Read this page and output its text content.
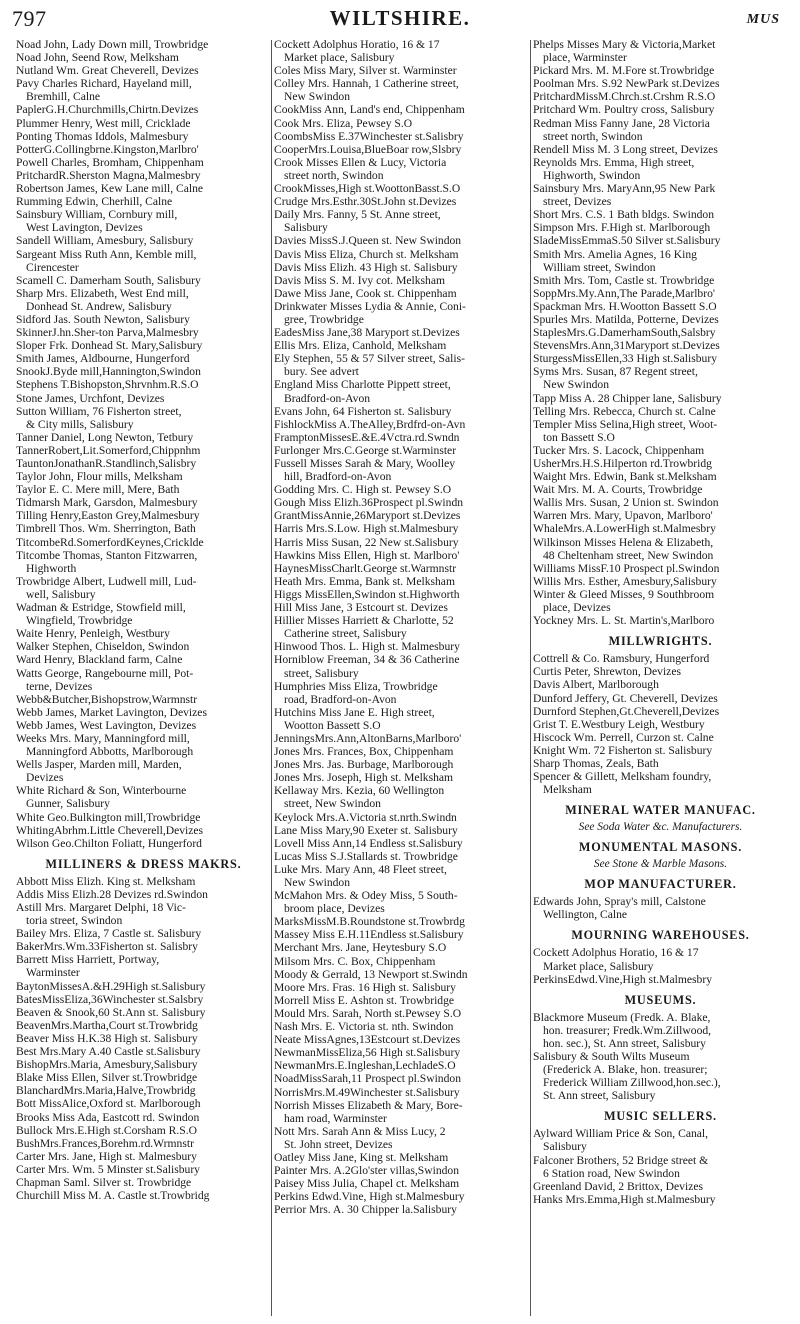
797	WILTSHIRE.	MUS
Noad John, Lady Down mill, Trowbridge
Noad John, Seend Row, Melksham
Nutland Wm. Great Cheverell, Devizes
Pavy Charles Richard, Hayeland mill,
Bremhill, Calne
PaplerG.H.Churchmills,Chirtn.Devizes
Plummer Henry, West mill, Cricklade
Ponting Thomas Iddols, Malmesbury
PotterG.Collingbrne.Kingston,Marlbro'
Powell Charles, Bromham, Chippenham
PritchardR.Sherston Magna,Malmesbry
Robertson James, Kew Lane mill, Calne
Rumming Edwin, Cherhill, Calne
Sainsbury William, Cornbury mill,
West Lavington, Devizes
Sandell William, Amesbury, Salisbury
Sargeant Miss Ruth Ann, Kemble mill,
Cirencester
Scamell C. Damerham South, Salisbury
Sharp Mrs. Elizabeth, West End mill,
Donhead St. Andrew, Salisbury
Sidford Jas. South Newton, Salisbury
SkinnerJ.hn.Sher-ton Parva,Malmesbry
Sloper Frk. Donhead St. Mary,Salisbury
Smith James, Aldbourne, Hungerford
SnookJ.Byde mill,Hannington,Swindon
Stephens T.Bishopston,Shrvnhm.R.S.O
Stone James, Urchfont, Devizes
Sutton William, 76 Fisherton street,
& City mills, Salisbury
Tanner Daniel, Long Newton, Tetbury
TannerRobert,Lit.Somerford,Chippnhm
TauntonJonathanR.Standlinch,Salisbry
Taylor John, Flour mills, Melksham
Taylor E. C. Mere mill, Mere, Bath
Tidmarsh Mark, Garsdon, Malmesbury
Tilling Henry,Easton Grey,Malmesbury
Timbrell Thos. Wm. Sherrington, Bath
TitcombeRd.SomerfordKeynes,Cricklde
Titcombe Thomas, Stanton Fitzwarren,
Highworth
Trowbridge Albert, Ludwell mill, Lud-
well, Salisbury
Wadman & Estridge, Stowfield mill,
Wingfield, Trowbridge
Waite Henry, Penleigh, Westbury
Walker Stephen, Chiseldon, Swindon
Ward Henry, Blackland farm, Calne
Watts George, Rangebourne mill, Pot-
terne, Devizes
Webb&Butcher,Bishopstrow,Warmnstr
Webb James, Market Lavington, Devizes
Webb James, West Lavington, Devizes
Weeks Mrs. Mary, Manningford mill,
Manningford Abbotts, Marlborough
Wells Jasper, Marden mill, Marden,
Devizes
White Richard & Son, Winterbourne
Gunner, Salisbury
White Geo.Bulkington mill,Trowbridge
WhitingAbrhm.Little Cheverell,Devizes
Wilson Geo.Chilton Foliatt, Hungerford
MILLINERS & DRESS MAKRS.
Abbott Miss Elizh. King st. Melksham
Addis Miss Elizh.28 Devizes rd.Swindon
Astill Mrs. Margaret Delphi, 18 Vic-
toria street, Swindon
Bailey Mrs. Eliza, 7 Castle st. Salisbury
BakerMrs.Wm.33Fisherton st. Salisbry
Barrett Miss Harriett, Portway,
Warminster
BaytonMissesA.&H.29High st.Salisbury
BatesMissEliza,36Winchester st.Salsbry
Beaven & Snook,60 St.Ann st. Salisbury
BeavenMrs.Martha,Court st.Trowbridg
Beaver Miss H.K.38 High st. Salisbury
Best Mrs.Mary A.40 Castle st.Salisbury
BishopMrs.Maria, Amesbury,Salisbury
Blake Miss Ellen, Silver st.Trowbridge
BlanchardMrs.Maria,Halve,Trowbridg
Bott MissAlice,Oxford st. Marlborough
Brooks Miss Ada, Eastcott rd. Swindon
Bullock Mrs.E.High st.Corsham R.S.O
BushMrs.Frances,Borehm.rd.Wrmnstr
Carter Mrs. Jane, High st. Malmesbury
Carter Mrs. Wm. 5 Minster st.Salisbury
Chapman Saml. Silver st. Trowbridge
Churchill Miss M. A. Castle st.Trowbridg
Cockett Adolphus Horatio, 16 & 17
Market place, Salisbury
Coles Miss Mary, Silver st. Warminster
Colley Mrs. Hannah, 1 Catherine street,
New Swindon
CookMiss Ann, Land's end, Chippenham
Cook Mrs. Eliza, Pewsey S.O
CoombsMiss E.37Winchester st.Salisbry
CooperMrs.Louisa,BlueBoar row,Slsbry
Crook Misses Ellen & Lucy, Victoria
street north, Swindon
CrookMisses,High st.WoottonBasst.S.O
Crudge Mrs.Esthr.30St.John st.Devizes
Daily Mrs. Fanny, 5 St. Anne street,
Salisbury
Davies MissS.J.Queen st. New Swindon
Davis Miss Eliza, Church st. Melksham
Davis Miss Elizh. 43 High st. Salisbury
Davis Miss S. M. Ivy cot. Melksham
Dawe Miss Jane, Cook st. Chippenham
Drinkwater Misses Lydia & Annie, Coni-
gree, Trowbridge
EadesMiss Jane,38 Maryport st.Devizes
Ellis Mrs. Eliza, Canhold, Melksham
Ely Stephen, 55 & 57 Silver street, Salis-
bury. See advert
England Miss Charlotte Pippett street,
Bradford-on-Avon
Evans John, 64 Fisherton st. Salisbury
FishlockMiss A.TheAlley,Brdfrd-on-Avn
FramptonMissesE.&E.4Vctra.rd.Swndn
Furlonger Mrs.C.George st.Warminster
Fussell Misses Sarah & Mary, Woolley
hill, Bradford-on-Avon
Godding Mrs. C. High st. Pewsey S.O
Gough Miss Elizh.36Prospect pl.Swindn
GrantMissAnnie,26Maryport st.Devizes
Harris Mrs.S.Low. High st.Malmesbury
Harris Miss Susan, 22 New st.Salisbury
Hawkins Miss Ellen, High st. Marlboro'
HaynesMissCharlt.George st.Warmnstr
Heath Mrs. Emma, Bank st. Melksham
Higgs MissEllen,Swindon st.Highworth
Hill Miss Jane, 3 Estcourt st. Devizes
Hillier Misses Harriett & Charlotte, 52
Catherine street, Salisbury
Hinwood Thos. L. High st. Malmesbury
Horniblow Freeman, 34 & 36 Catherine
street, Salisbury
Humphries Miss Eliza, Trowbridge
road, Bradford-on-Avon
Hutchins Miss Jane E. High street,
Wootton Bassett S.O
JenningsMrs.Ann,AltonBarns,Marlboro'
Jones Mrs. Frances, Box, Chippenham
Jones Mrs. Jas. Burbage, Marlborough
Jones Mrs. Joseph, High st. Melksham
Kellaway Mrs. Kezia, 60 Wellington
street, New Swindon
Keylock Mrs.A.Victoria st.nrth.Swindn
Lane Miss Mary,90 Exeter st. Salisbury
Lovell Miss Ann,14 Endless st.Salisbury
Lucas Miss S.J.Stallards st. Trowbridge
Luke Mrs. Mary Ann, 48 Fleet street,
New Swindon
McMahon Mrs. & Odey Miss, 5 South-
broom place, Devizes
MarksMissM.B.Roundstone st.Trowbrdg
Massey Miss E.H.11Endless st.Salisbury
Merchant Mrs. Jane, Heytesbury S.O
Milsom Mrs. C. Box, Chippenham
Moody & Gerrald, 13 Newport st.Swindn
Moore Mrs. Fras. 16 High st. Salisbury
Morrell Miss E. Ashton st. Trowbridge
Mould Mrs. Sarah, North st.Pewsey S.O
Nash Mrs. E. Victoria st. nth. Swindon
Neate MissAgnes,13Estcourt st.Devizes
NewmanMissEliza,56 High st.Salisbury
NewmanMrs.E.Ingleshan,LechladeS.O
NoadMissSarah,11 Prospect pl.Swindon
NorrisMrs.M.49Winchester st.Salisbury
Norrish Misses Elizabeth & Mary, Bore-
ham road, Warminster
Nott Mrs. Sarah Ann & Miss Lucy, 2
St. John street, Devizes
Oatley Miss Jane, King st. Melksham
Painter Mrs. A.2Glo'ster villas,Swindon
Paisey Miss Julia, Chapel ct. Melksham
Perkins Edwd.Vine, High st.Malmesbury
Perrior Mrs. A. 30 Chipper la.Salisbury
Phelps Misses Mary & Victoria,Market
place, Warminster
Pickard Mrs. M. M.Fore st.Trowbridge
Poolman Mrs. S.92 NewPark st.Devizes
PritchardMissM.Chrch.st.Crshm R.S.O
Pritchard Wm. Poultry cross, Salisbury
Redman Miss Fanny Jane, 28 Victoria
street north, Swindon
Rendell Miss M. 3 Long street, Devizes
Reynolds Mrs. Emma, High street,
Highworth, Swindon
Sainsbury Mrs. MaryAnn,95 New Park
street, Devizes
Short Mrs. C.S. 1 Bath bldgs. Swindon
Simpson Mrs. F.High st. Marlborough
SladeMissEmmaS.50 Silver st.Salisbury
Smith Mrs. Amelia Agnes, 16 King
William street, Swindon
Smith Mrs. Tom, Castle st. Trowbridge
SoppMrs.My.Ann,The Parade,Marlbro'
Spackman Mrs. H.Wootton Bassett S.O
Spurles Mrs. Matilda, Potterne, Devizes
StaplesMrs.G.DamerhamSouth,Salsbry
StevensMrs.Ann,31Maryport st.Devizes
SturgessMissEllen,33 High st.Salisbury
Syms Mrs. Susan, 87 Regent street,
New Swindon
Tapp Miss A. 28 Chipper lane, Salisbury
Telling Mrs. Rebecca, Church st. Calne
Templer Miss Selina,High street, Woot-
ton Bassett S.O
Tucker Mrs. S. Lacock, Chippenham
UsherMrs.H.S.Hilperton rd.Trowbridg
Waight Mrs. Edwin, Bank st.Melksham
Wait Mrs. M. A. Courts, Trowbridge
Wallis Mrs. Susan, 2 Union st. Swindon
Warren Mrs. Mary, Upavon, Marlboro'
WhaleMrs.A.LowerHigh st.Malmesbry
Wilkinson Misses Helena & Elizabeth,
48 Cheltenham street, New Swindon
Williams MissF.10 Prospect pl.Swindon
Willis Mrs. Esther, Amesbury,Salisbury
Winter & Gleed Misses, 9 Southbroom
place, Devizes
Yockney Mrs. L. St. Martin's,Marlboro
MILLWRIGHTS.
Cottrell & Co. Ramsbury, Hungerford
Curtis Peter, Shrewton, Devizes
Davis Albert, Marlborough
Dunford Jeffery, Gt. Cheverell, Devizes
Durnford Stephen,Gt.Cheverell,Devizes
Grist T. E.Westbury Leigh, Westbury
Hiscock Wm. Perrell, Curzon st. Calne
Knight Wm. 72 Fisherton st. Salisbury
Sharp Thomas, Zeals, Bath
Spencer & Gillett, Melksham foundry,
Melksham
MINERAL WATER MANUFAC.
See Soda Water &c. Manufacturers.
MONUMENTAL MASONS.
See Stone & Marble Masons.
MOP MANUFACTURER.
Edwards John, Spray's mill, Calstone
Wellington, Calne
MOURNING WAREHOUSES.
Cockett Adolphus Horatio, 16 & 17
Market place, Salisbury
PerkinsEdwd.Vine,High st.Malmesbry
MUSEUMS.
Blackmore Museum (Fredk. A. Blake,
hon. treasurer; Fredk.Wm.Zillwood,
hon. sec.), St. Ann street, Salisbury
Salisbury & South Wilts Museum
(Frederick A. Blake, hon. treasurer;
Frederick William Zillwood,hon.sec.),
St. Ann street, Salisbury
MUSIC SELLERS.
Aylward William Price & Son, Canal,
Salisbury
Falconer Brothers, 52 Bridge street &
6 Station road, New Swindon
Greenland David, 2 Brittox, Devizes
Hanks Mrs.Emma,High st.Malmesbury
